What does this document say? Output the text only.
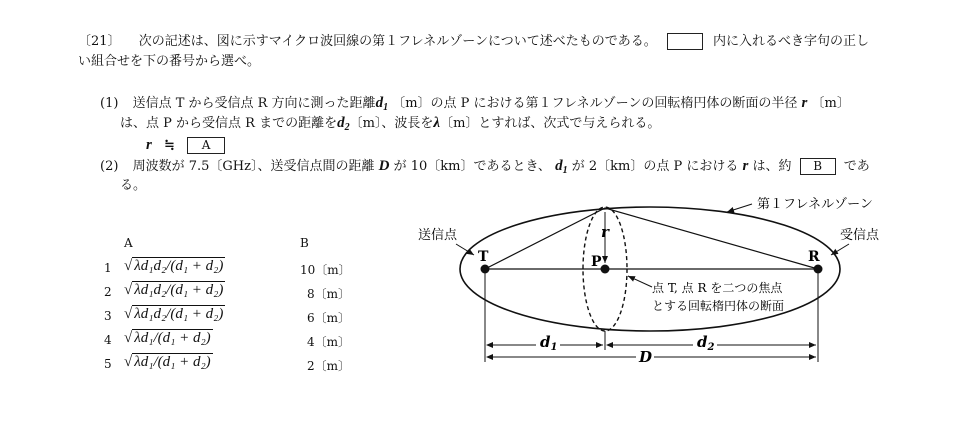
〔21〕 次の記述は、図に示すマイクロ波回線の第１フレネルゾーンについて述べたものである。	内に入れるべき字句の正し
い組合せを下の番号から選べ。
(1) 送信点 T から受信点 R 方向に測った距離$d_1$ 〔m〕の点 P における第１フレネルゾーンの回転楕円体の断面の半径 r 〔m〕
は、点 P から受信点 R までの距離を$d_2$〔m〕、波長をλ〔m〕とすれば、次式で与えられる。
r ≒ A
(2) 周波数が 7.5〔GHz〕、送受信点間の距離 D が 10〔km〕であるとき、 $d_1$ が 2〔km〕の点 P における r は、約 B であ
る。
A	B
1 √ λd₁d₂/(d₁ + d₂)	10〔m〕
2 √ λd₁d₂/(d₁ + d₂)	8〔m〕
3 √ λd₁d₂/(d₁ + d₂)	6〔m〕
4 √ λd₁/(d₁ + d₂)	4〔m〕
5 √ λd₁/(d₁ + d₂)	2〔m〕
T	P	R
r
第１フレネルゾーン
送信点	受信点
点 T, 点 R を二つの焦点
とする回転楕円体の断面
$d_1$	$d_2$
D
